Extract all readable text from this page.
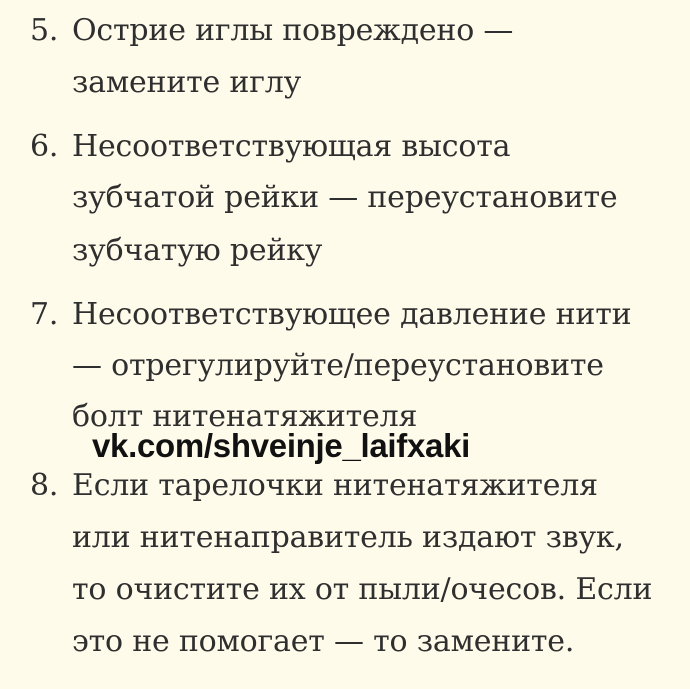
5. Острие иглы повреждено —
замените иглу
6. Несоответствующая высота
зубчатой рейки — переустановите
зубчатую рейку
7. Несоответствующее давление нити
— отрегулируйте/переустановите
болт нитенатяжителя
8. Если тарелочки нитенатяжителя
или нитенаправитель издают звук,
то очистите их от пыли/очесов. Если
это не помогает — то замените.
vk.com/shveinje_laifxaki
